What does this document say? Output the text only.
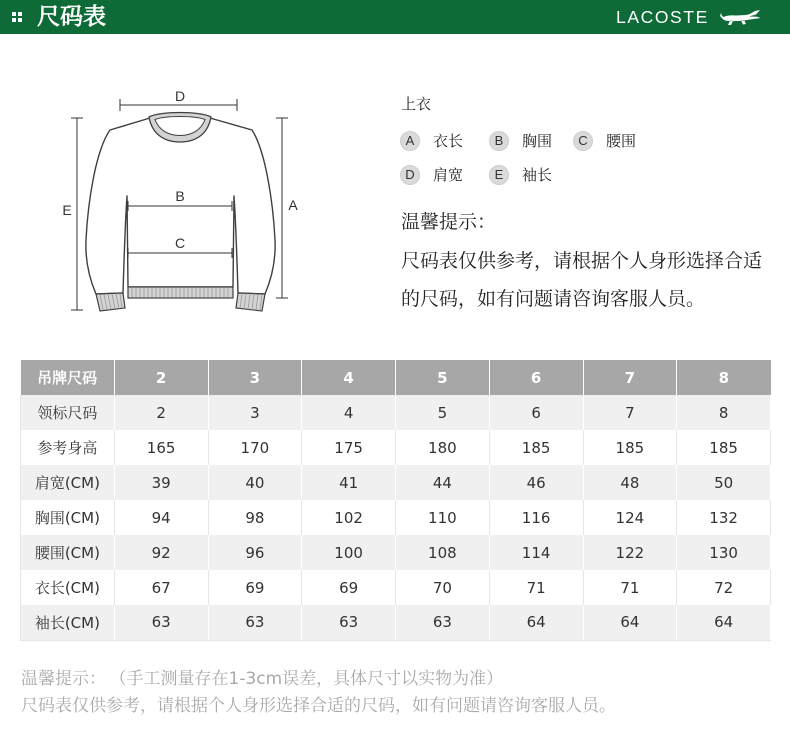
尺码表	LACOSTE
D
B
C
E	A
上衣
A	衣长	B	胸围	C	腰围
D	肩宽	E	袖长
温馨提示：
尺码表仅供参考，请根据个人身形选择合适
的尺码，如有问题请咨询客服人员。
吊牌尺码	2	3	4	5	6	7	8
领标尺码	2	3	4	5	6	7	8
参考身高	165	170	175	180	185	185	185
肩宽(CM)	39	40	41	44	46	48	50
胸围(CM)	94	98	102	110	116	124	132
腰围(CM)	92	96	100	108	114	122	130
衣长(CM)	67	69	69	70	71	71	72
袖长(CM)	63	63	63	63	64	64	64
温馨提示： （手工测量存在1-3cm误差，具体尺寸以实物为准）
尺码表仅供参考，请根据个人身形选择合适的尺码，如有问题请咨询客服人员。
